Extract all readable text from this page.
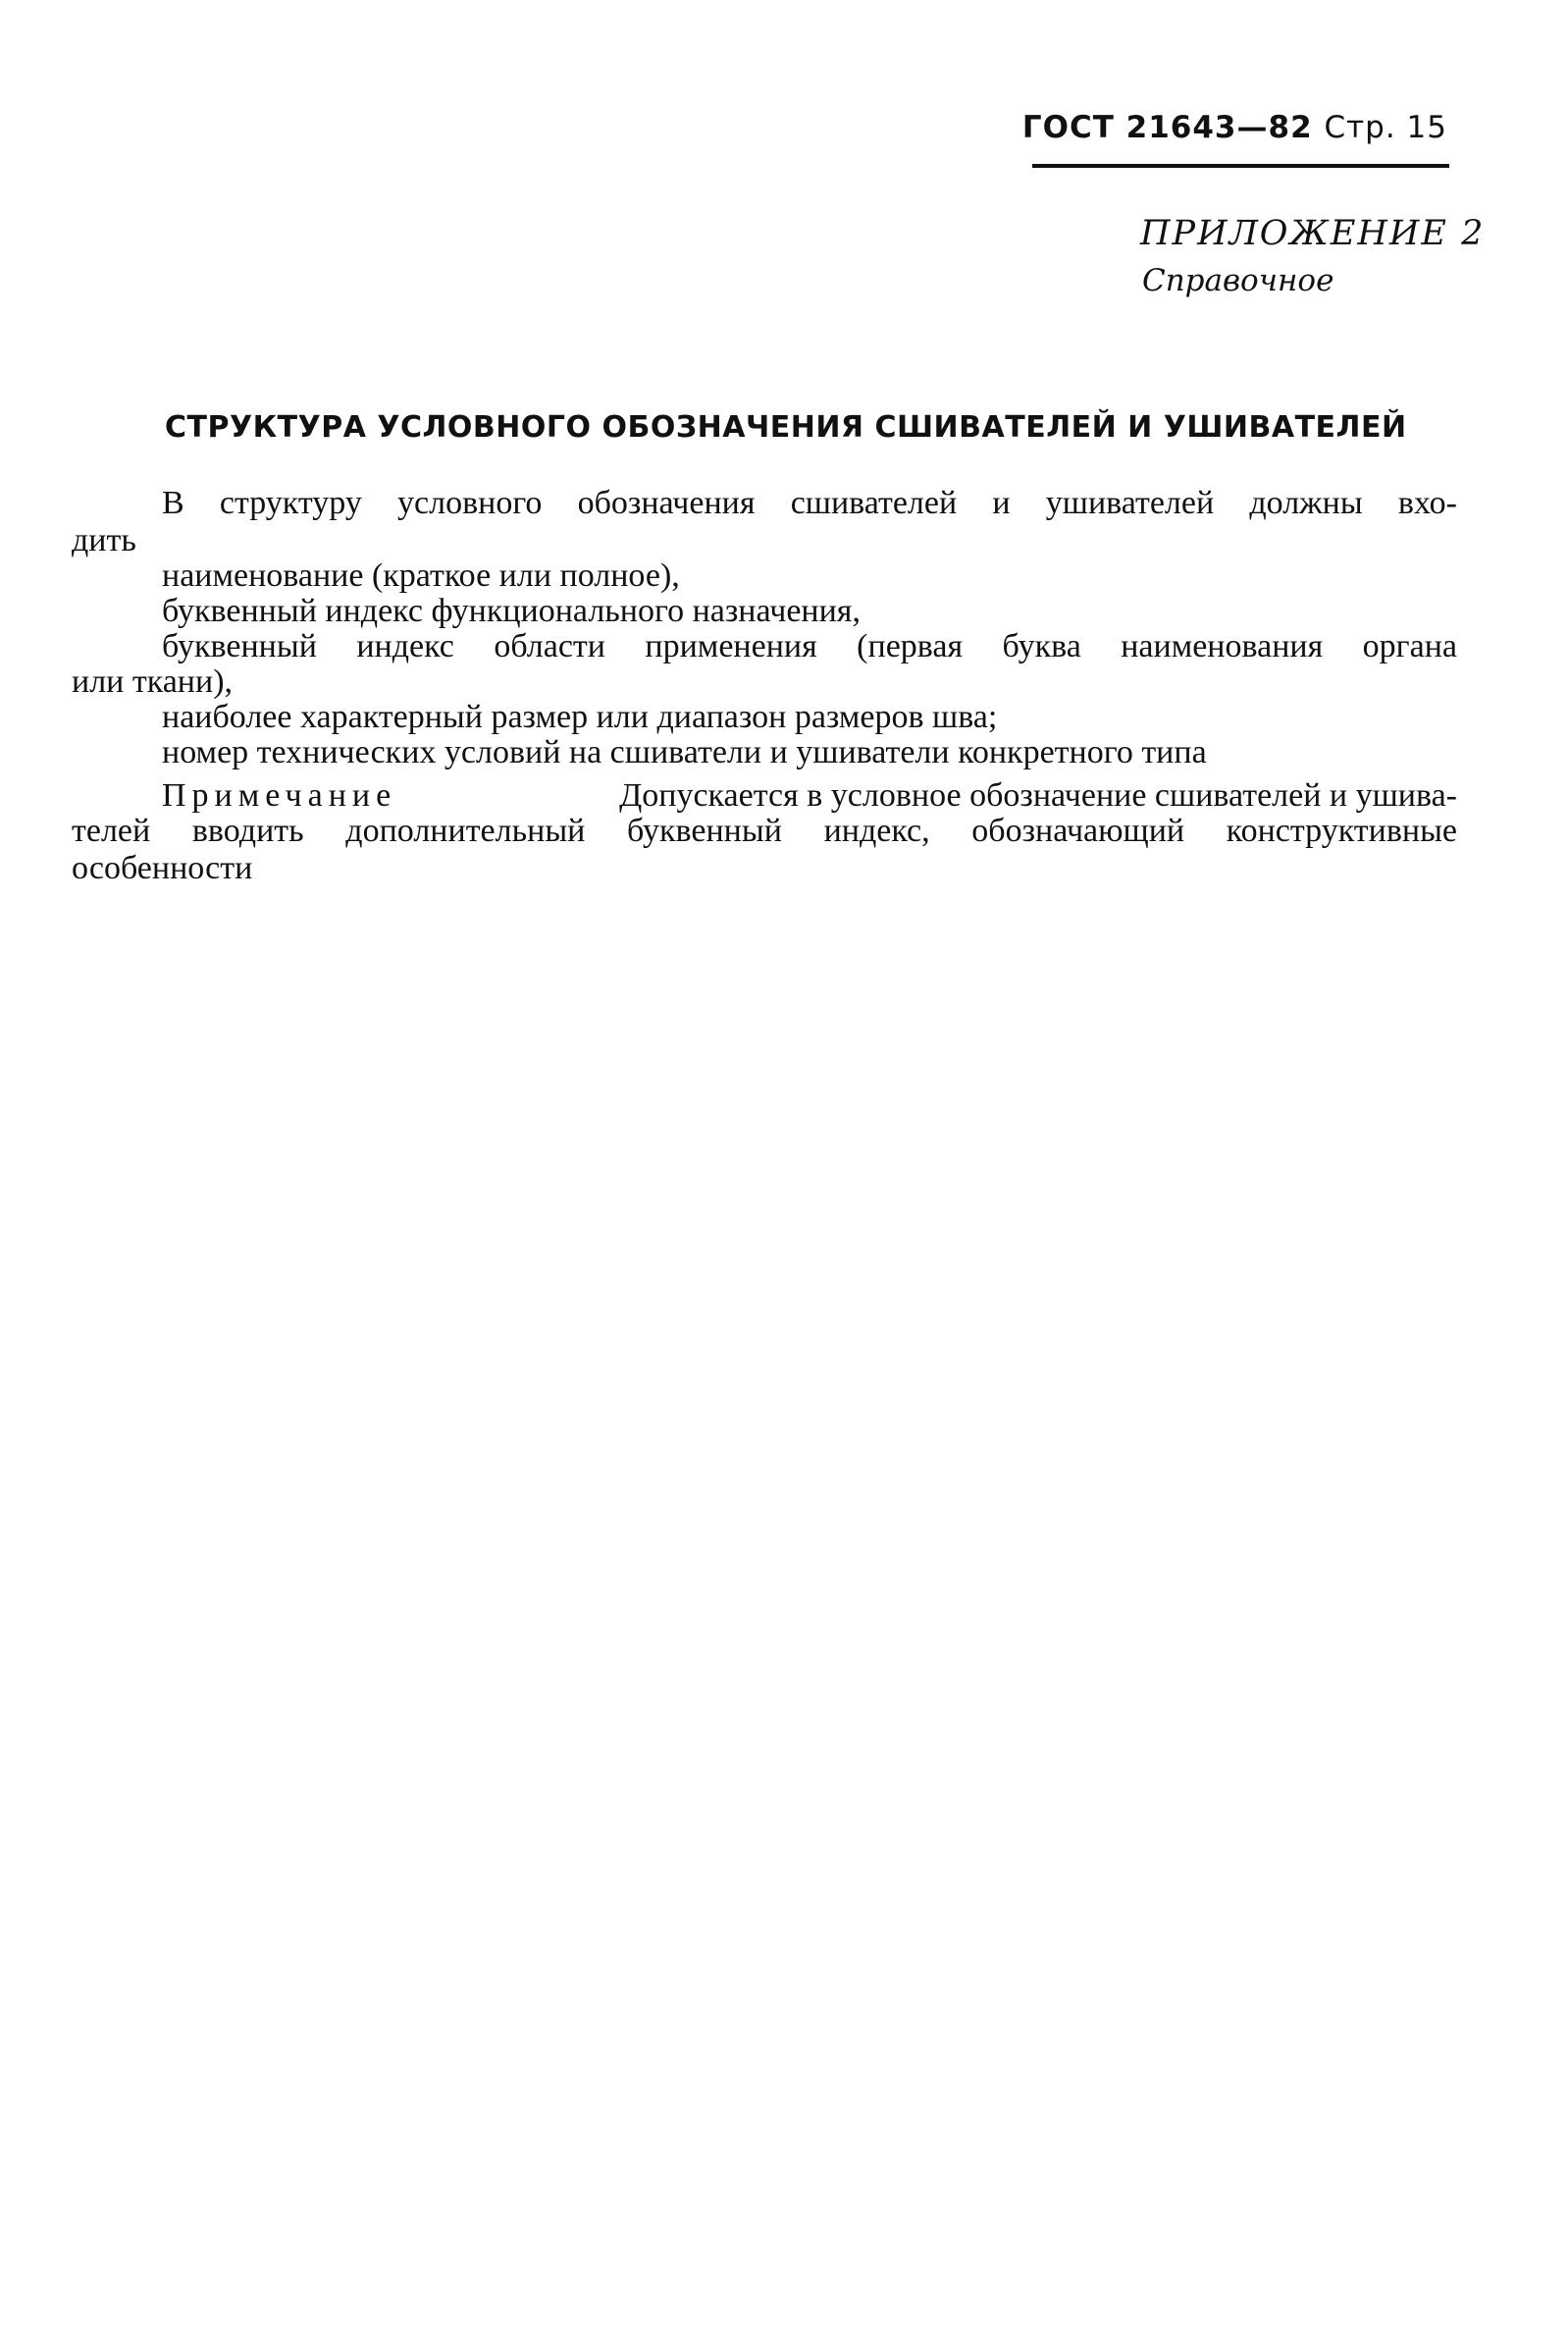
ГОСТ 21643—82 Стр. 15
ПРИЛОЖЕНИЕ 2
Справочное
СТРУКТУРА УСЛОВНОГО ОБОЗНАЧЕНИЯ СШИВАТЕЛЕЙ И УШИВАТЕЛЕЙ
В структуру условного обозначения сшивателей и ушивателей должны вхо-
дить
наименование (краткое или полное),
буквенный индекс функционального назначения,
буквенный индекс области применения (первая буква наименования органа
или ткани),
наиболее характерный размер или диапазон размеров шва;
номер технических условий на сшиватели и ушиватели конкретного типа
Примечание	Допускается в условное обозначение сшивателей и ушива-
телей вводить дополнительный буквенный индекс, обозначающий конструктивные
особенности
